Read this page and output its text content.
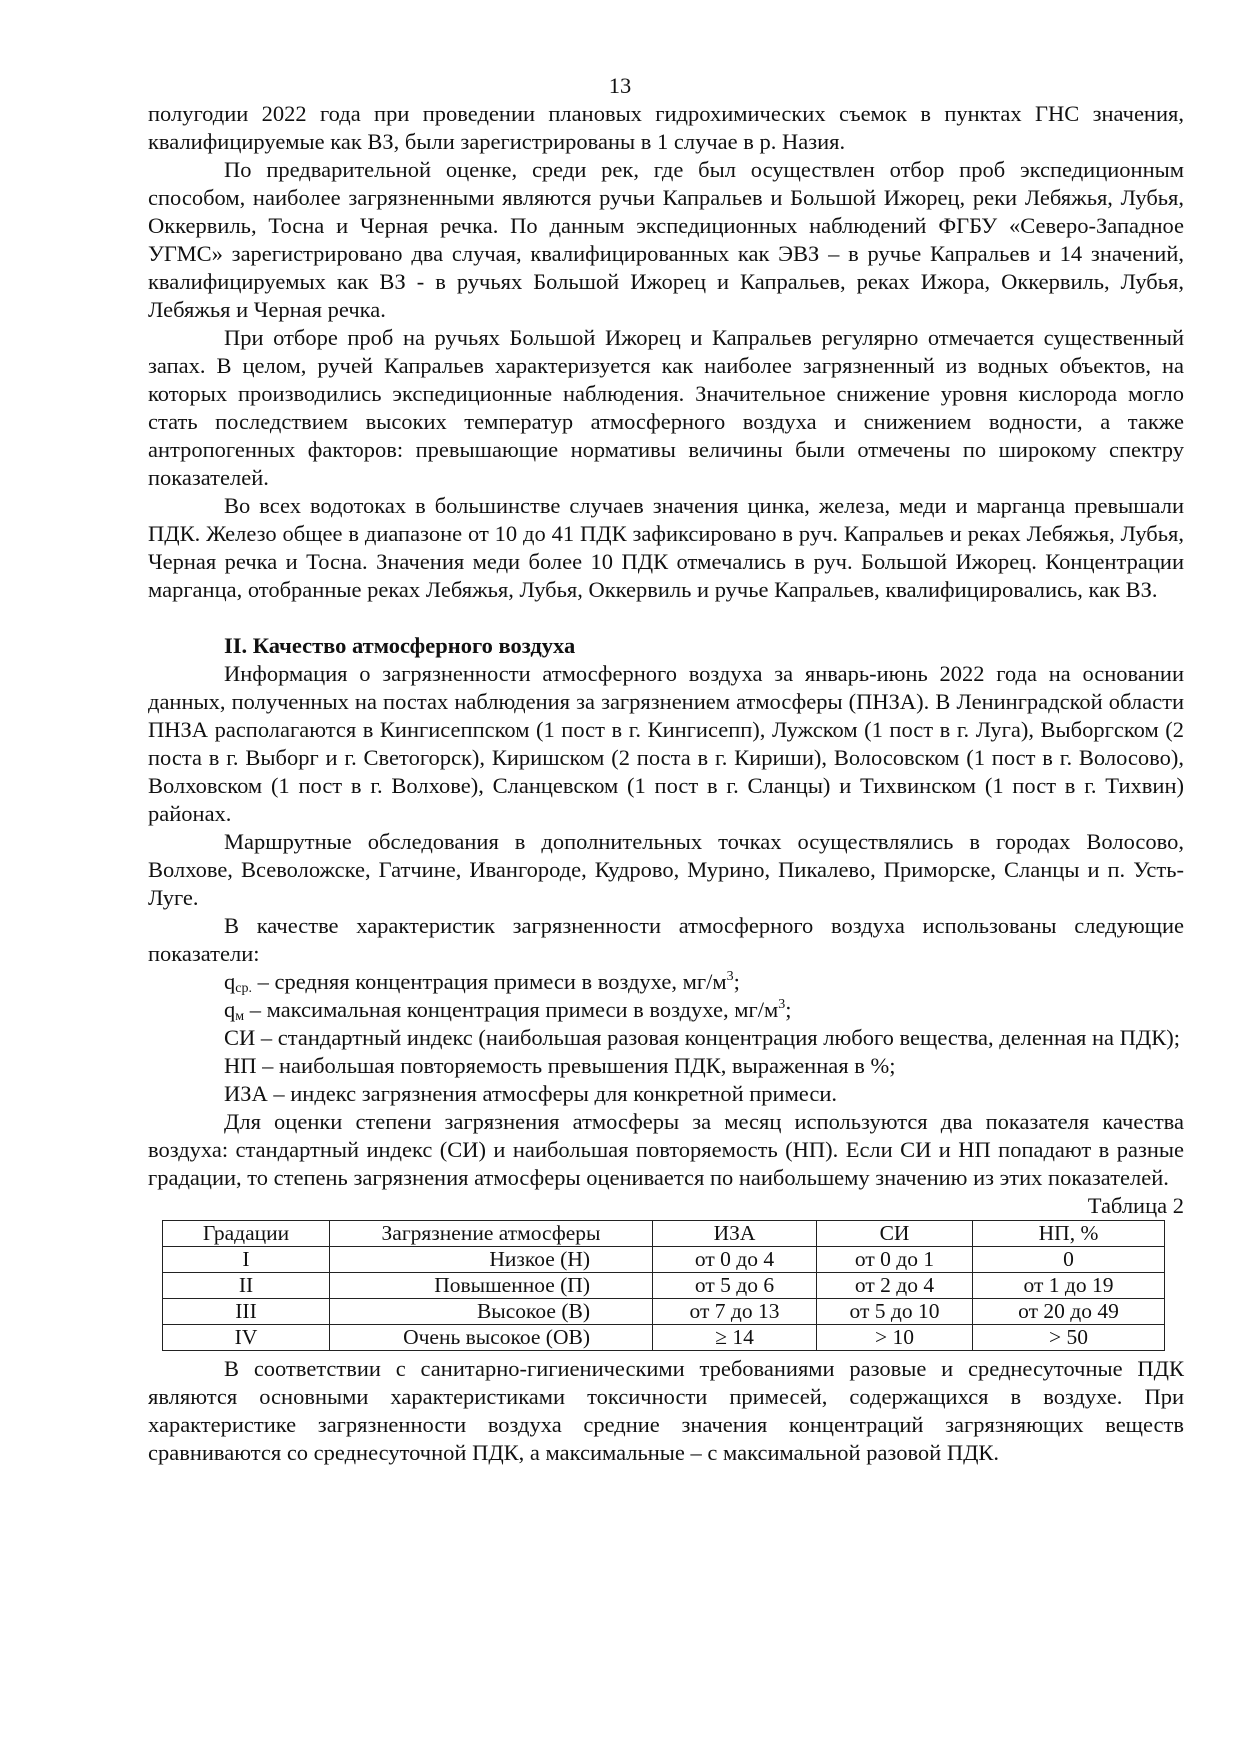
13

полугодии 2022 года при проведении плановых гидрохимических съемок в пунктах ГНС значения, квалифицируемые как ВЗ, были зарегистрированы в 1 случае в р. Назия.

По предварительной оценке, среди рек, где был осуществлен отбор проб экспедиционным способом, наиболее загрязненными являются ручьи Капральев и Большой Ижорец, реки Лебяжья, Лубья, Оккервиль, Тосна и Черная речка. По данным экспедиционных наблюдений ФГБУ «Северо-Западное УГМС» зарегистрировано два случая, квалифицированных как ЭВЗ – в ручье Капральев и 14 значений, квалифицируемых как ВЗ - в ручьях Большой Ижорец и Капральев, реках Ижора, Оккервиль, Лубья, Лебяжья и Черная речка.

При отборе проб на ручьях Большой Ижорец и Капральев регулярно отмечается существенный запах. В целом, ручей Капральев характеризуется как наиболее загрязненный из водных объектов, на которых производились экспедиционные наблюдения. Значительное снижение уровня кислорода могло стать последствием высоких температур атмосферного воздуха и снижением водности, а также антропогенных факторов: превышающие нормативы величины были отмечены по широкому спектру показателей.

Во всех водотоках в большинстве случаев значения цинка, железа, меди и марганца превышали ПДК. Железо общее в диапазоне от 10 до 41 ПДК зафиксировано в руч. Капральев и реках Лебяжья, Лубья, Черная речка и Тосна. Значения меди более 10 ПДК отмечались в руч. Большой Ижорец. Концентрации марганца, отобранные реках Лебяжья, Лубья, Оккервиль и ручье Капральев, квалифицировались, как ВЗ.

II. Качество атмосферного воздуха

Информация о загрязненности атмосферного воздуха за январь-июнь 2022 года на основании данных, полученных на постах наблюдения за загрязнением атмосферы (ПНЗА). В Ленинградской области ПНЗА располагаются в Кингисеппском (1 пост в г. Кингисепп), Лужском (1 пост в г. Луга), Выборгском (2 поста в г. Выборг и г. Светогорск), Киришском (2 поста в г. Кириши), Волосовском (1 пост в г. Волосово), Волховском (1 пост в г. Волхове), Сланцевском (1 пост в г. Сланцы) и Тихвинском (1 пост в г. Тихвин) районах.

Маршрутные обследования в дополнительных точках осуществлялись в городах Волосово, Волхове, Всеволожске, Гатчине, Ивангороде, Кудрово, Мурино, Пикалево, Приморске, Сланцы и п. Усть-Луге.

В качестве характеристик загрязненности атмосферного воздуха использованы следующие показатели:

$q_{ср.}$ – средняя концентрация примеси в воздухе, $мг/м^3$;

$q_м$ – максимальная концентрация примеси в воздухе, $мг/м^3$;

СИ – стандартный индекс (наибольшая разовая концентрация любого вещества, деленная на ПДК);

НП – наибольшая повторяемость превышения ПДК, выраженная в %;

ИЗА – индекс загрязнения атмосферы для конкретной примеси.

Для оценки степени загрязнения атмосферы за месяц используются два показателя качества воздуха: стандартный индекс (СИ) и наибольшая повторяемость (НП). Если СИ и НП попадают в разные градации, то степень загрязнения атмосферы оценивается по наибольшему значению из этих показателей.

Таблица 2

Градации	Загрязнение атмосферы	ИЗА	СИ	НП, %
I	Низкое (Н)	от 0 до 4	от 0 до 1	0
II	Повышенное (П)	от 5 до 6	от 2 до 4	от 1 до 19
III	Высокое (В)	от 7 до 13	от 5 до 10	от 20 до 49
IV	Очень высокое (ОВ)	≥ 14	> 10	> 50

В соответствии с санитарно-гигиеническими требованиями разовые и среднесуточные ПДК являются основными характеристиками токсичности примесей, содержащихся в воздухе. При характеристике загрязненности воздуха средние значения концентраций загрязняющих веществ сравниваются со среднесуточной ПДК, а максимальные – с максимальной разовой ПДК.
